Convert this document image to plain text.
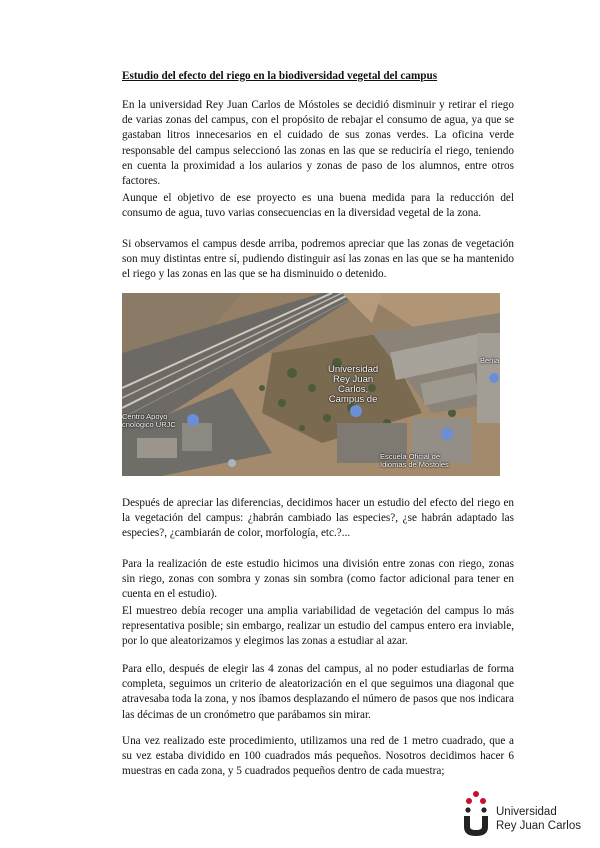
Estudio del efecto del riego en la biodiversidad vegetal del campus

En la universidad Rey Juan Carlos de Móstoles se decidió disminuir y retirar el riego de varias zonas del campus, con el propósito de rebajar el consumo de agua, ya que se gastaban litros innecesarios en el cuidado de sus zonas verdes. La oficina verde responsable del campus seleccionó las zonas en las que se reduciría el riego, teniendo en cuenta la proximidad a los aularios y zonas de paso de los alumnos, entre otros factores.

Aunque el objetivo de ese proyecto es una buena medida para la reducción del consumo de agua, tuvo varias consecuencias en la diversidad vegetal de la zona.

Si observamos el campus desde arriba, podremos apreciar que las zonas de vegetación son muy distintas entre sí, pudiendo distinguir así las zonas en las que se ha mantenido el riego y las zonas en las que se ha disminuido o detenido.

Universidad
Rey Juan
Carlos,
Campus de
Centro Apoyo
cnológico URJC
Escuela Oficial de
Idiomas de Móstoles
Benia

Después de apreciar las diferencias, decidimos hacer un estudio del efecto del riego en la vegetación del campus: ¿habrán cambiado las especies?, ¿se habrán adaptado las especies?, ¿cambiarán de color, morfología, etc.?...

Para la realización de este estudio hicimos una división entre zonas con riego, zonas sin riego, zonas con sombra y zonas sin sombra (como factor adicional para tener en cuenta en el estudio).

El muestreo debía recoger una amplia variabilidad de vegetación del campus lo más representativa posible; sin embargo, realizar un estudio del campus entero era inviable, por lo que aleatorizamos y elegimos las zonas a estudiar al azar.

Para ello, después de elegir las 4 zonas del campus, al no poder estudiarlas de forma completa, seguimos un criterio de aleatorización en el que seguimos una diagonal que atravesaba toda la zona, y nos íbamos desplazando el número de pasos que nos indicara las décimas de un cronómetro que parábamos sin mirar.

Una vez realizado este procedimiento, utilizamos una red de 1 metro cuadrado, que a su vez estaba dividido en 100 cuadrados más pequeños. Nosotros decidimos hacer 6 muestras en cada zona, y 5 cuadrados pequeños dentro de cada muestra;

Universidad
Rey Juan Carlos
